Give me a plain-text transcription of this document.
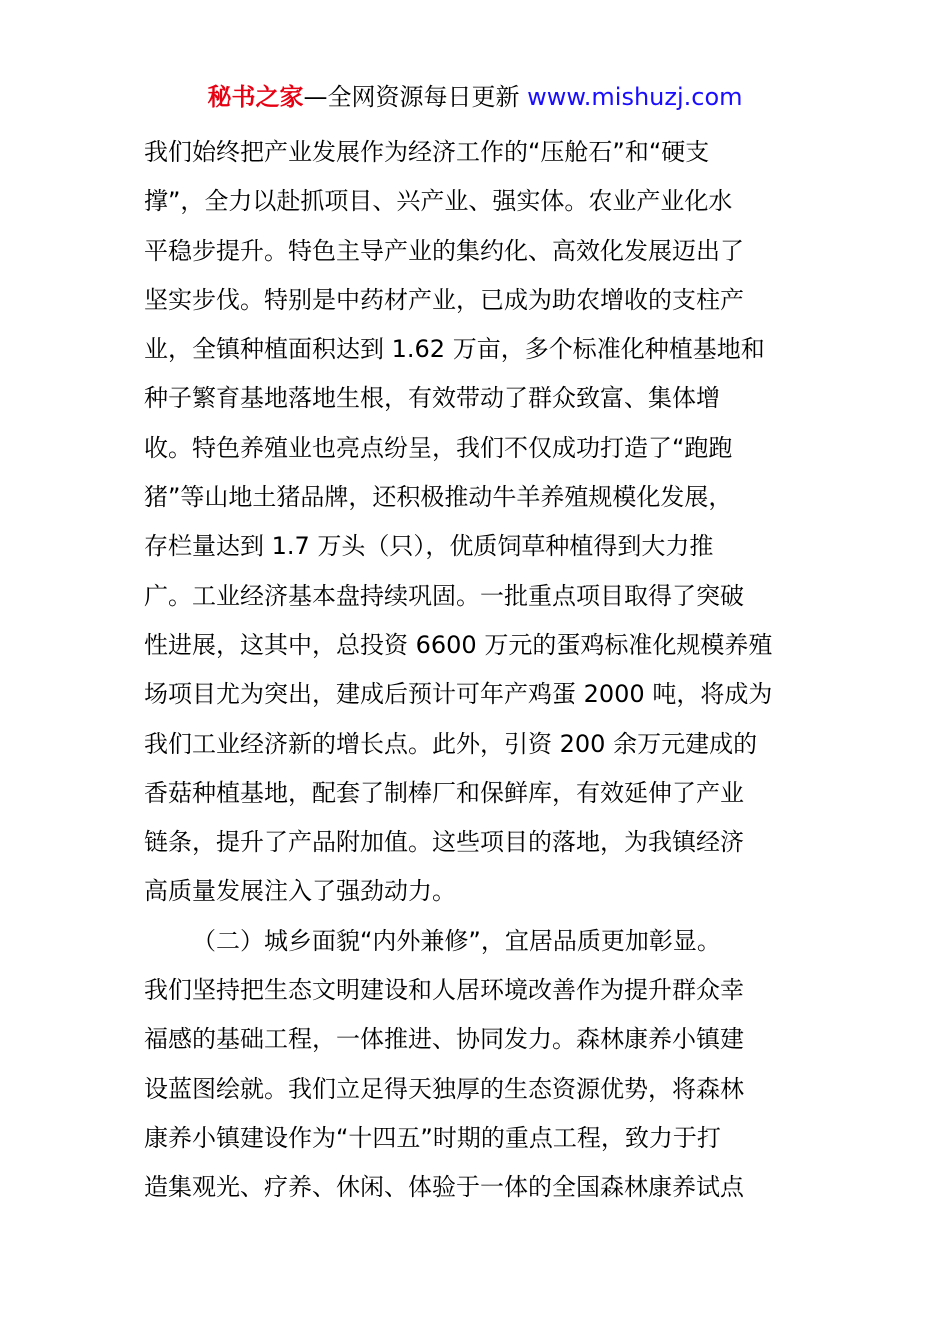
秘书之家—全网资源每日更新 www.mishuzj.com
我们始终把产业发展作为经济工作的“压舱石”和“硬支
撑”，全力以赴抓项目、兴产业、强实体。农业产业化水
平稳步提升。特色主导产业的集约化、高效化发展迈出了
坚实步伐。特别是中药材产业，已成为助农增收的支柱产
业，全镇种植面积达到 1.62 万亩，多个标准化种植基地和
种子繁育基地落地生根，有效带动了群众致富、集体增
收。特色养殖业也亮点纷呈，我们不仅成功打造了“跑跑
猪”等山地土猪品牌，还积极推动牛羊养殖规模化发展，
存栏量达到 1.7 万头（只），优质饲草种植得到大力推
广。工业经济基本盘持续巩固。一批重点项目取得了突破
性进展，这其中，总投资 6600 万元的蛋鸡标准化规模养殖
场项目尤为突出，建成后预计可年产鸡蛋 2000 吨，将成为
我们工业经济新的增长点。此外，引资 200 余万元建成的
香菇种植基地，配套了制棒厂和保鲜库，有效延伸了产业
链条，提升了产品附加值。这些项目的落地，为我镇经济
高质量发展注入了强劲动力。
（二）城乡面貌“内外兼修”，宜居品质更加彰显。
我们坚持把生态文明建设和人居环境改善作为提升群众幸
福感的基础工程，一体推进、协同发力。森林康养小镇建
设蓝图绘就。我们立足得天独厚的生态资源优势，将森林
康养小镇建设作为“十四五”时期的重点工程，致力于打
造集观光、疗养、休闲、体验于一体的全国森林康养试点
